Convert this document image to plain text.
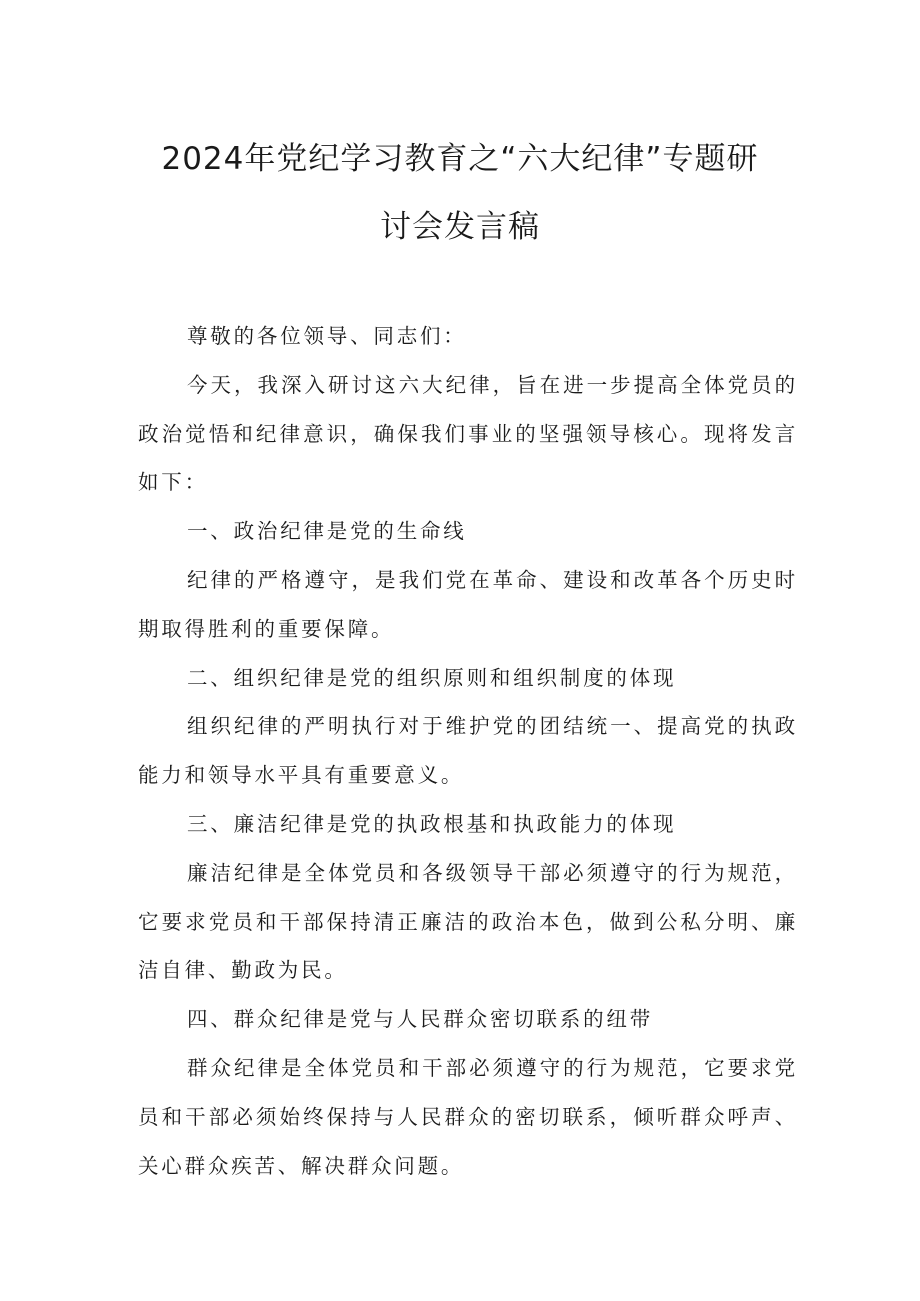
2024年党纪学习教育之“六大纪律”专题研
讨会发言稿

尊敬的各位领导、同志们：

今天，我深入研讨这六大纪律，旨在进一步提高全体党员的政治觉悟和纪律意识，确保我们事业的坚强领导核心。现将发言如下：

一、政治纪律是党的生命线

纪律的严格遵守，是我们党在革命、建设和改革各个历史时期取得胜利的重要保障。

二、组织纪律是党的组织原则和组织制度的体现

组织纪律的严明执行对于维护党的团结统一、提高党的执政能力和领导水平具有重要意义。

三、廉洁纪律是党的执政根基和执政能力的体现

廉洁纪律是全体党员和各级领导干部必须遵守的行为规范，它要求党员和干部保持清正廉洁的政治本色，做到公私分明、廉洁自律、勤政为民。

四、群众纪律是党与人民群众密切联系的纽带

群众纪律是全体党员和干部必须遵守的行为规范，它要求党员和干部必须始终保持与人民群众的密切联系，倾听群众呼声、关心群众疾苦、解决群众问题。
